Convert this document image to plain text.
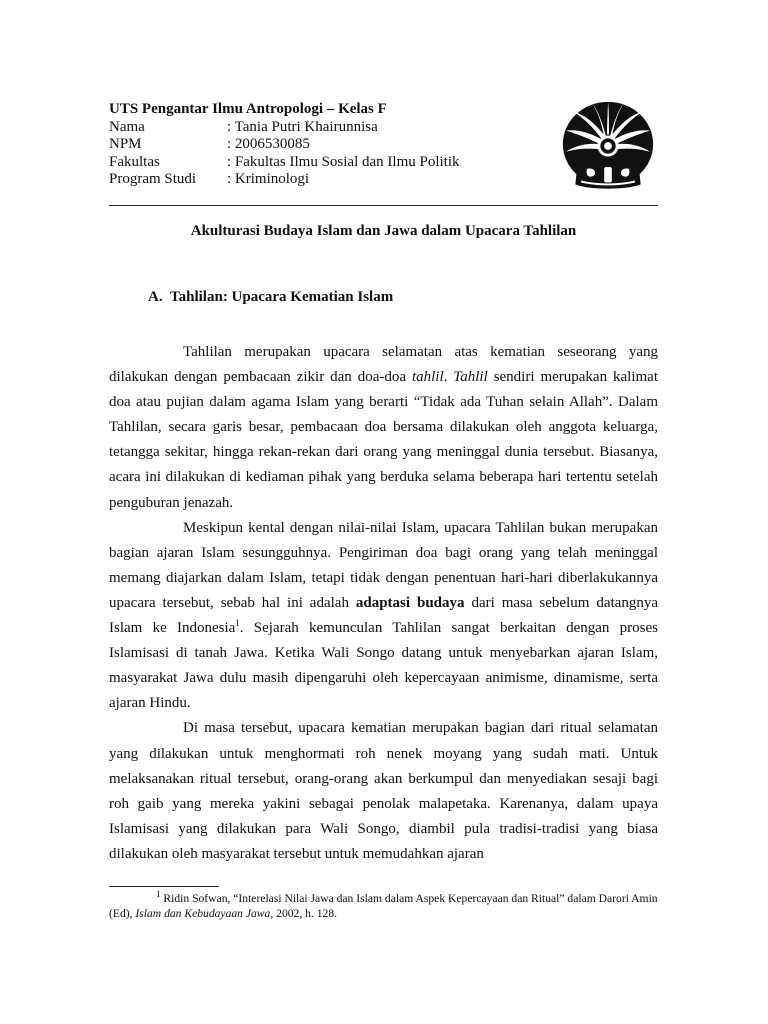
UTS Pengantar Ilmu Antropologi – Kelas F
Nama	: Tania Putri Khairunnisa
NPM	: 2006530085
Fakultas	: Fakultas Ilmu Sosial dan Ilmu Politik
Program Studi	: Kriminologi
Akulturasi Budaya Islam dan Jawa dalam Upacara Tahlilan
A. Tahlilan: Upacara Kematian Islam

Tahlilan merupakan upacara selamatan atas kematian seseorang yang dilakukan dengan pembacaan zikir dan doa-doa tahlil. Tahlil sendiri merupakan kalimat doa atau pujian dalam agama Islam yang berarti “Tidak ada Tuhan selain Allah”. Dalam Tahlilan, secara garis besar, pembacaan doa bersama dilakukan oleh anggota keluarga, tetangga sekitar, hingga rekan-rekan dari orang yang meninggal dunia tersebut. Biasanya, acara ini dilakukan di kediaman pihak yang berduka selama beberapa hari tertentu setelah penguburan jenazah.

Meskipun kental dengan nilai-nilai Islam, upacara Tahlilan bukan merupakan bagian ajaran Islam sesungguhnya. Pengiriman doa bagi orang yang telah meninggal memang diajarkan dalam Islam, tetapi tidak dengan penentuan hari-hari diberlakukannya upacara tersebut, sebab hal ini adalah adaptasi budaya dari masa sebelum datangnya Islam ke Indonesia$^1$. Sejarah kemunculan Tahlilan sangat berkaitan dengan proses Islamisasi di tanah Jawa. Ketika Wali Songo datang untuk menyebarkan ajaran Islam, masyarakat Jawa dulu masih dipengaruhi oleh kepercayaan animisme, dinamisme, serta ajaran Hindu.

Di masa tersebut, upacara kematian merupakan bagian dari ritual selamatan yang dilakukan untuk menghormati roh nenek moyang yang sudah mati. Untuk melaksanakan ritual tersebut, orang-orang akan berkumpul dan menyediakan sesaji bagi roh gaib yang mereka yakini sebagai penolak malapetaka. Karenanya, dalam upaya Islamisasi yang dilakukan para Wali Songo, diambil pula tradisi-tradisi yang biasa dilakukan oleh masyarakat tersebut untuk memudahkan ajaran

$^1$ Ridin Sofwan, “Interelasi Nilai Jawa dan Islam dalam Aspek Kepercayaan dan Ritual” dalam Darori Amin (Ed), Islam dan Kebudayaan Jawa, 2002, h. 128.
